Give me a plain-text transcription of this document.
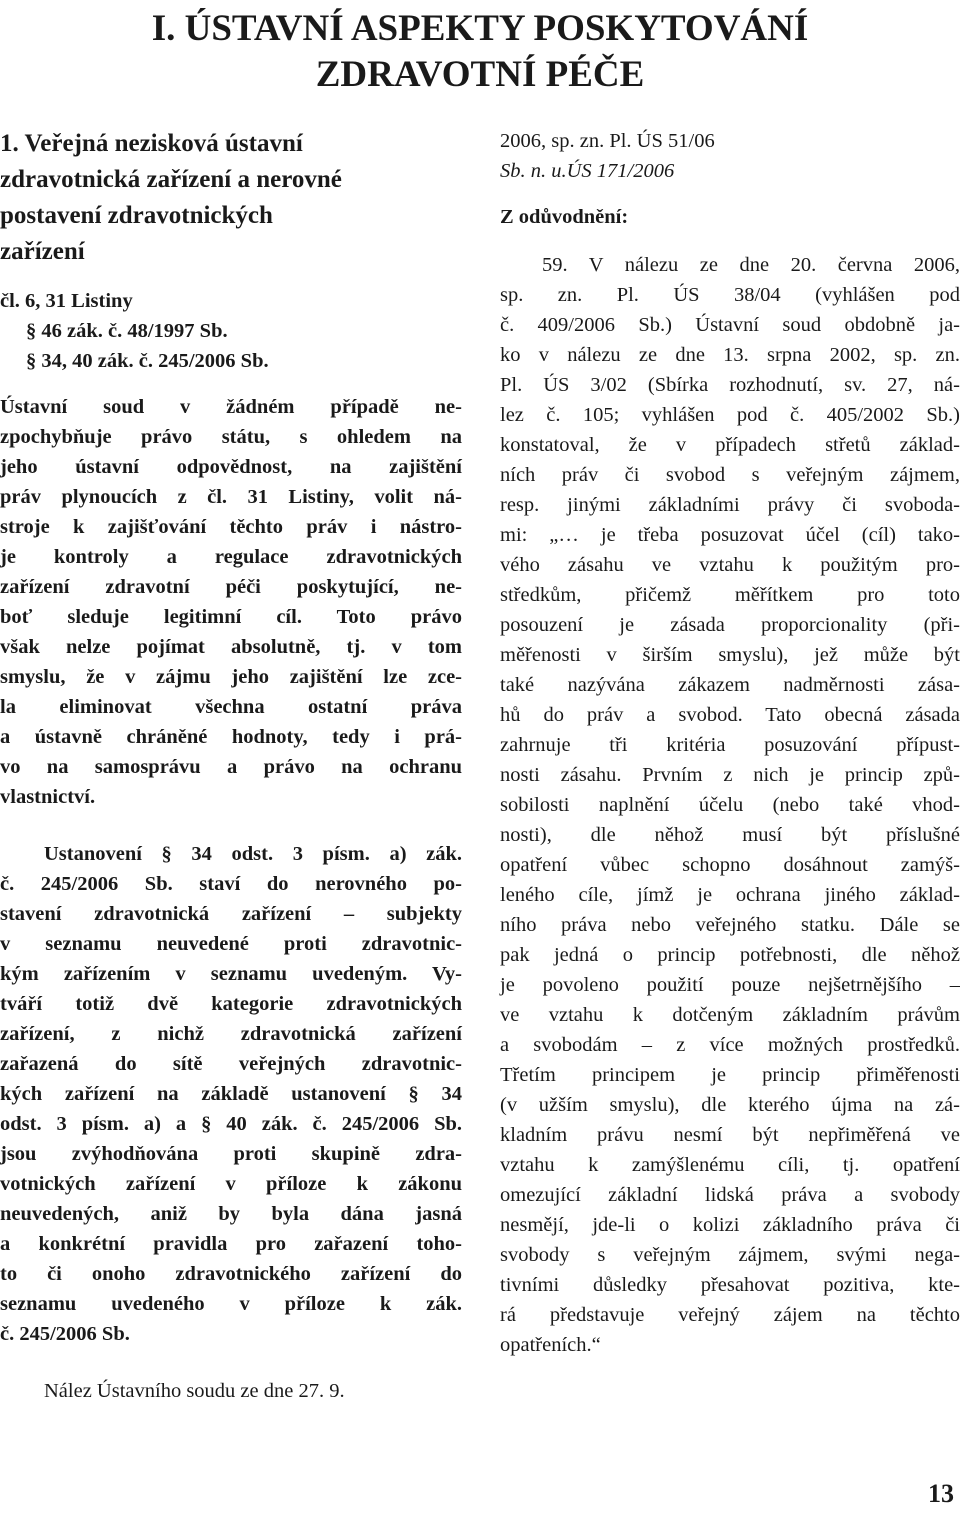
I. ÚSTAVNÍ ASPEKTY POSKYTOVÁNÍ
ZDRAVOTNÍ PÉČE
1. Veřejná nezisková ústavní
zdravotnická zařízení a nerovné
postavení zdravotnických
zařízení
čl. 6, 31 Listiny
§ 46 zák. č. 48/1997 Sb.
§ 34, 40 zák. č. 245/2006 Sb.
Ústavní soud v žádném případě ne-
zpochybňuje právo státu, s ohledem na
jeho ústavní odpovědnost, na zajištění
práv plynoucích z čl. 31 Listiny, volit ná-
stroje k zajišťování těchto práv i nástro-
je kontroly a regulace zdravotnických
zařízení zdravotní péči poskytující, ne-
boť sleduje legitimní cíl. Toto právo
však nelze pojímat absolutně, tj. v tom
smyslu, že v zájmu jeho zajištění lze zce-
la eliminovat všechna ostatní práva
a ústavně chráněné hodnoty, tedy i prá-
vo na samosprávu a právo na ochranu
vlastnictví.
Ustanovení § 34 odst. 3 písm. a) zák.
č. 245/2006 Sb. staví do nerovného po-
stavení zdravotnická zařízení – subjekty
v seznamu neuvedené proti zdravotnic-
kým zařízením v seznamu uvedeným. Vy-
tváří totiž dvě kategorie zdravotnických
zařízení, z nichž zdravotnická zařízení
zařazená do sítě veřejných zdravotnic-
kých zařízení na základě ustanovení § 34
odst. 3 písm. a) a § 40 zák. č. 245/2006 Sb.
jsou zvýhodňována proti skupině zdra-
votnických zařízení v příloze k zákonu
neuvedených, aniž by byla dána jasná
a konkrétní pravidla pro zařazení toho-
to či onoho zdravotnického zařízení do
seznamu uvedeného v příloze k zák.
č. 245/2006 Sb.
Nález Ústavního soudu ze dne 27. 9.
2006, sp. zn. Pl. ÚS 51/06
Sb. n. u.ÚS 171/2006
Z odůvodnění:
59. V nálezu ze dne 20. června 2006,
sp. zn. Pl. ÚS 38/04 (vyhlášen pod
č. 409/2006 Sb.) Ústavní soud obdobně ja-
ko v nálezu ze dne 13. srpna 2002, sp. zn.
Pl. ÚS 3/02 (Sbírka rozhodnutí, sv. 27, ná-
lez č. 105; vyhlášen pod č. 405/2002 Sb.)
konstatoval, že v případech střetů základ-
ních práv či svobod s veřejným zájmem,
resp. jinými základními právy či svoboda-
mi: „… je třeba posuzovat účel (cíl) tako-
vého zásahu ve vztahu k použitým pro-
středkům, přičemž měřítkem pro toto
posouzení je zásada proporcionality (při-
měřenosti v širším smyslu), jež může být
také nazývána zákazem nadměrnosti zása-
hů do práv a svobod. Tato obecná zásada
zahrnuje tři kritéria posuzování přípust-
nosti zásahu. Prvním z nich je princip způ-
sobilosti naplnění účelu (nebo také vhod-
nosti), dle něhož musí být příslušné
opatření vůbec schopno dosáhnout zamýš-
leného cíle, jímž je ochrana jiného základ-
ního práva nebo veřejného statku. Dále se
pak jedná o princip potřebnosti, dle něhož
je povoleno použití pouze nejšetrnějšího –
ve vztahu k dotčeným základním právům
a svobodám – z více možných prostředků.
Třetím principem je princip přiměřenosti
(v užším smyslu), dle kterého újma na zá-
kladním právu nesmí být nepřiměřená ve
vztahu k zamýšlenému cíli, tj. opatření
omezující základní lidská práva a svobody
nesmějí, jde-li o kolizi základního práva či
svobody s veřejným zájmem, svými nega-
tivními důsledky přesahovat pozitiva, kte-
rá představuje veřejný zájem na těchto
opatřeních.“
13
